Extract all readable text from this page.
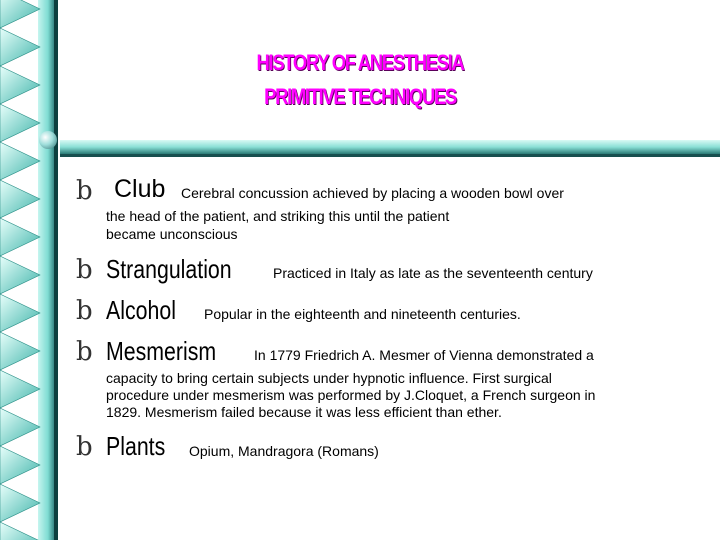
HISTORY OF ANESTHESIA
PRIMITIVE TECHNIQUES
b Club Cerebral concussion achieved by placing a wooden bowl over
the head of the patient, and striking this until the patient
became unconscious
b Strangulation	Practiced in Italy as late as the seventeenth century
b Alcohol Popular in the eighteenth and nineteenth centuries.
b Mesmerism	In 1779 Friedrich A. Mesmer of Vienna demonstrated a
capacity to bring certain subjects under hypnotic influence. First surgical
procedure under mesmerism was performed by J.Cloquet, a French surgeon in
1829. Mesmerism failed because it was less efficient than ether.
b Plants Opium, Mandragora (Romans)
